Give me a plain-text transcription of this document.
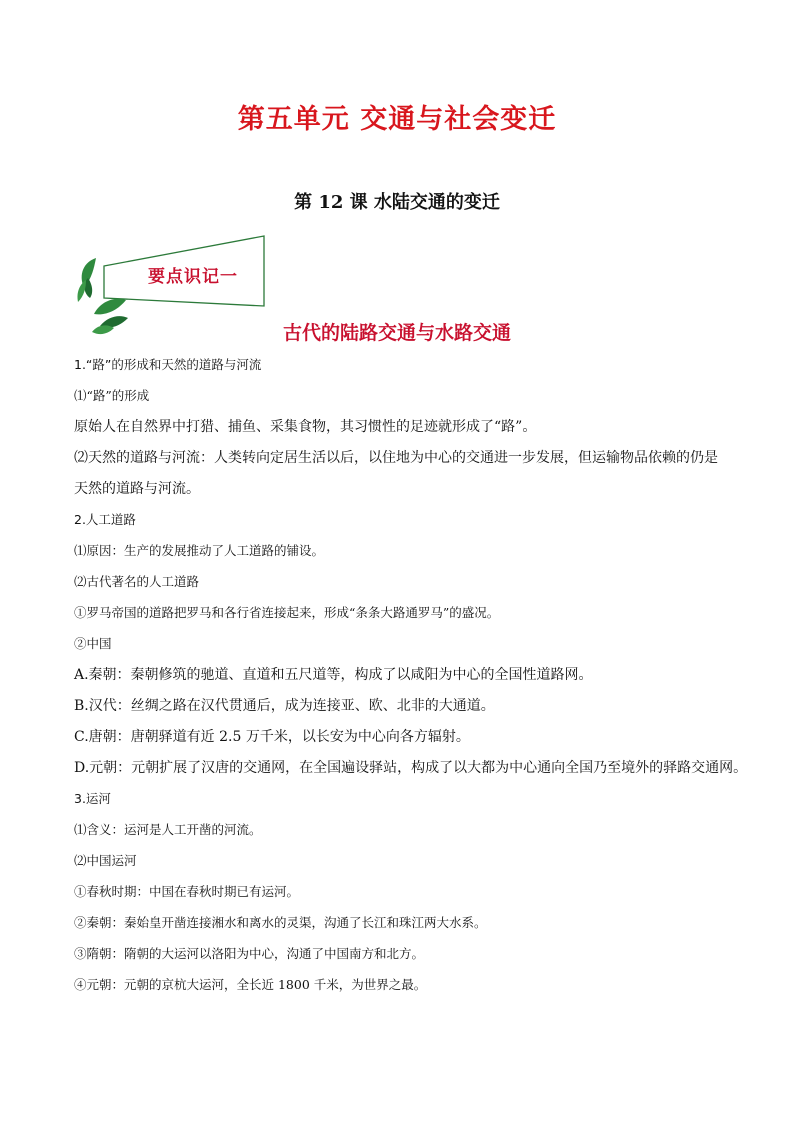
第五单元 交通与社会变迁
第 12 课 水陆交通的变迁
要点识记一
古代的陆路交通与水路交通

1.“路”的形成和天然的道路与河流

⑴“路”的形成

原始人在自然界中打猎、捕鱼、采集食物，其习惯性的足迹就形成了“路”。

⑵天然的道路与河流：人类转向定居生活以后，以住地为中心的交通进一步发展，但运输物品依赖的仍是

天然的道路与河流。

2.人工道路

⑴原因：生产的发展推动了人工道路的铺设。

⑵古代著名的人工道路

①罗马帝国的道路把罗马和各行省连接起来，形成“条条大路通罗马”的盛况。

②中国

A.秦朝：秦朝修筑的驰道、直道和五尺道等，构成了以咸阳为中心的全国性道路网。

B.汉代：丝绸之路在汉代贯通后，成为连接亚、欧、北非的大通道。

C.唐朝：唐朝驿道有近 2.5 万千米，以长安为中心向各方辐射。

D.元朝：元朝扩展了汉唐的交通网，在全国遍设驿站，构成了以大都为中心通向全国乃至境外的驿路交通网。

3.运河

⑴含义：运河是人工开凿的河流。

⑵中国运河

①春秋时期：中国在春秋时期已有运河。

②秦朝：秦始皇开凿连接湘水和离水的灵渠，沟通了长江和珠江两大水系。

③隋朝：隋朝的大运河以洛阳为中心，沟通了中国南方和北方。

④元朝：元朝的京杭大运河，全长近 1800 千米，为世界之最。
